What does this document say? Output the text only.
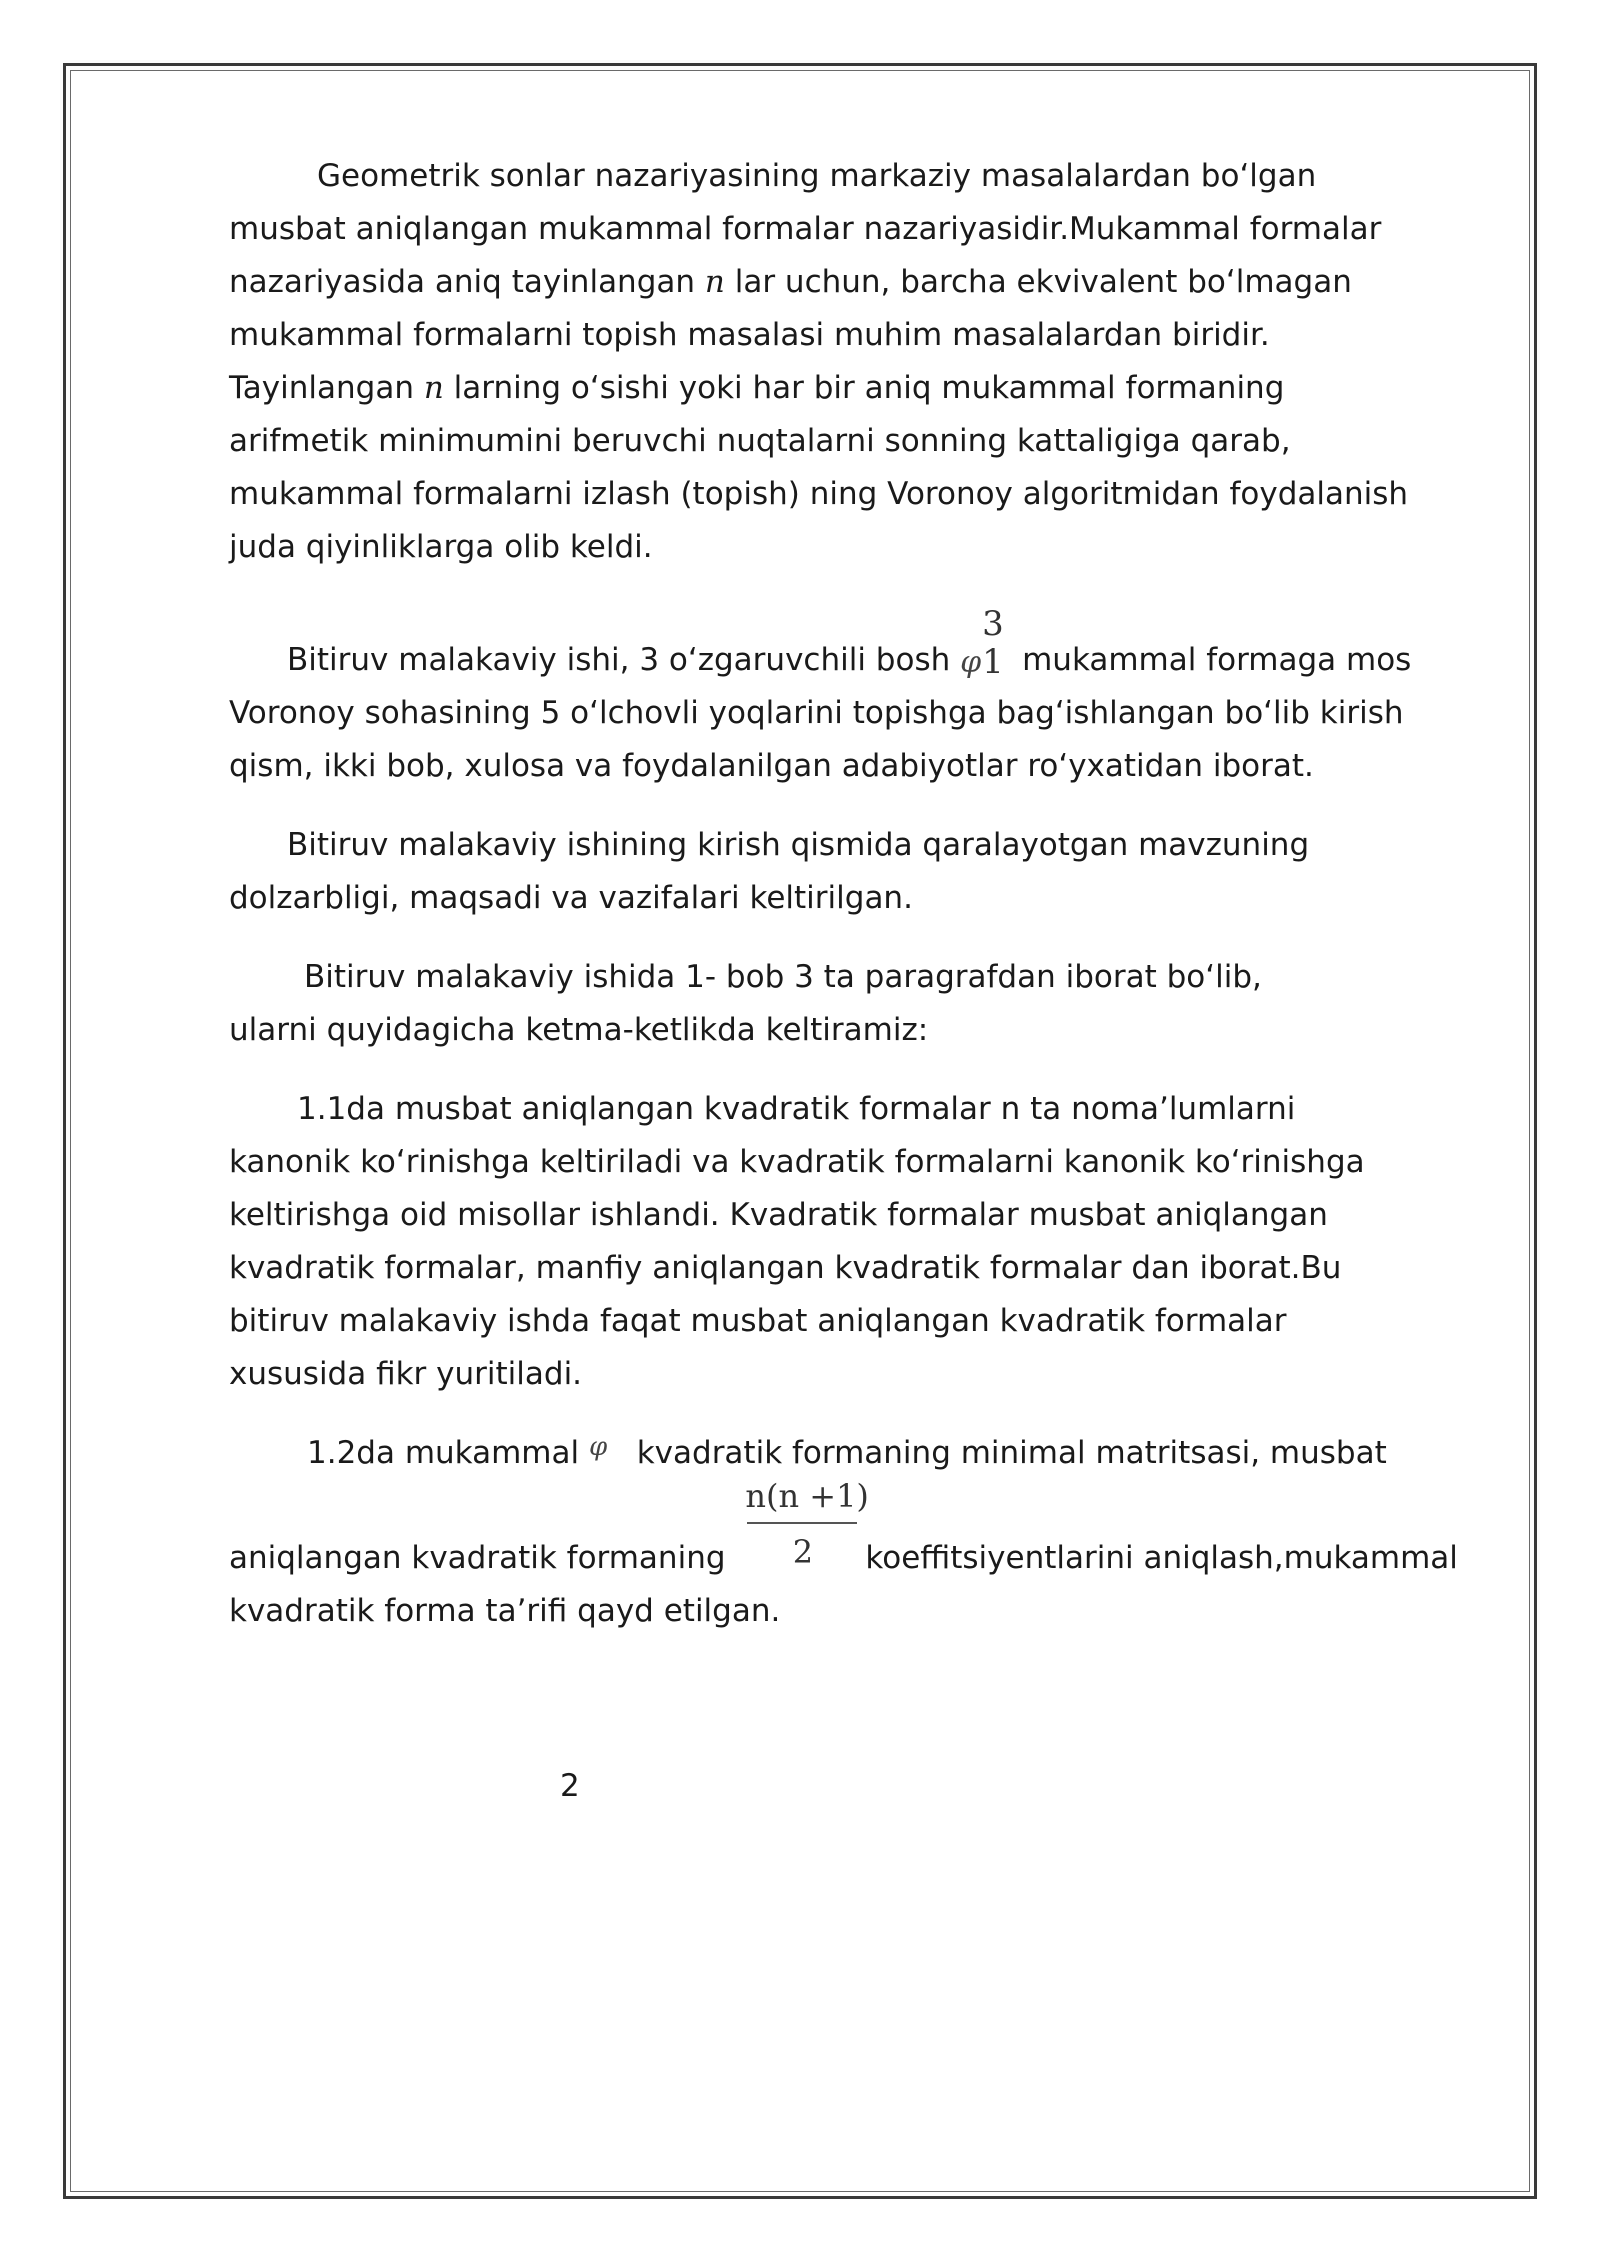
Geometrik sonlar nazariyasining markaziy masalalardan bo‘lgan
musbat aniqlangan mukammal formalar nazariyasidir.Mukammal formalar
nazariyasida aniq tayinlangan n lar uchun, barcha ekvivalent bo‘lmagan
mukammal formalarni topish masalasi muhim masalalardan biridir.
Tayinlangan n larning o‘sishi yoki har bir aniq mukammal formaning
arifmetik minimumini beruvchi nuqtalarni sonning kattaligiga qarab,
mukammal formalarni izlash (topish) ning Voronoy algoritmidan foydalanish
juda qiyinliklarga olib keldi.
Bitiruv malakaviy ishi, 3 o‘zgaruvchili bosh φ
3
1 mukammal formaga mos
Voronoy sohasining 5 o‘lchovli yoqlarini topishga bag‘ishlangan bo‘lib kirish
qism, ikki bob, xulosa va foydalanilgan adabiyotlar ro‘yxatidan iborat.
Bitiruv malakaviy ishining kirish qismida qaralayotgan mavzuning
dolzarbligi, maqsadi va vazifalari keltirilgan.
Bitiruv malakaviy ishida 1- bob 3 ta paragrafdan iborat bo‘lib,
ularni quyidagicha ketma-ketlikda keltiramiz:
1.1da musbat aniqlangan kvadratik formalar n ta noma’lumlarni
kanonik ko‘rinishga keltiriladi va kvadratik formalarni kanonik ko‘rinishga
keltirishga oid misollar ishlandi. Kvadratik formalar musbat aniqlangan
kvadratik formalar, manfiy aniqlangan kvadratik formalar dan iborat.Bu
bitiruv malakaviy ishda faqat musbat aniqlangan kvadratik formalar
xususida fikr yuritiladi.
1.2da mukammal $^\varphi$ kvadratik formaning minimal matritsasi, musbat
aniqlangan kvadratik formaning $\frac{n(n +1)}{2}$ koeffitsiyentlarini aniqlash,mukammal
kvadratik forma ta’rifi qayd etilgan.
2
